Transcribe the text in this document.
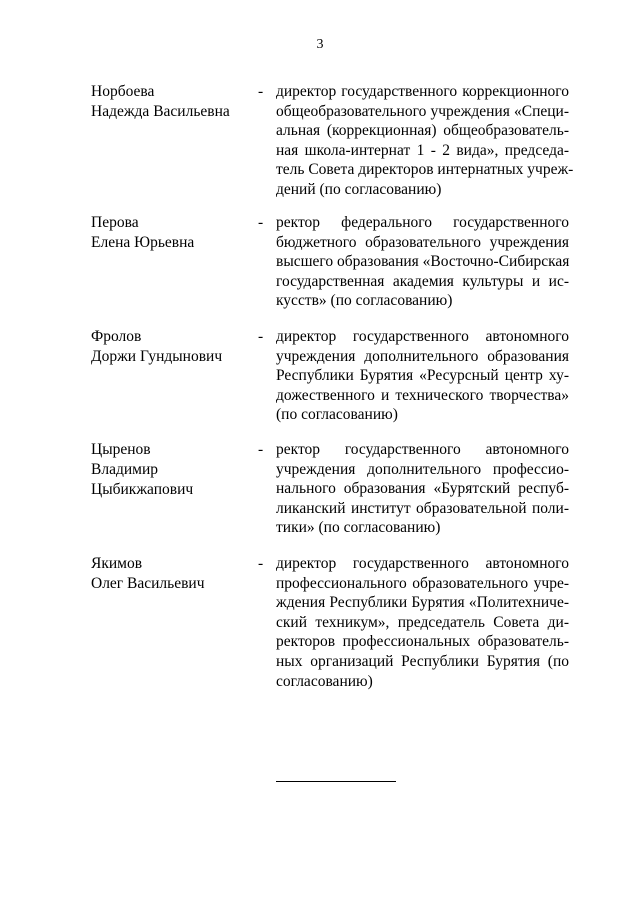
3
Норбоева
Надежда Васильевна
- директор государственного коррекционного
общеобразовательного учреждения «Специ-
альная (коррекционная) общеобразователь-
ная школа-интернат 1 - 2 вида», председа-
тель Совета директоров интернатных учреж-
дений (по согласованию)
Перова
Елена Юрьевна
- ректор федерального государственного
бюджетного образовательного учреждения
высшего образования «Восточно-Сибирская
государственная академия культуры и ис-
кусств» (по согласованию)
Фролов
Доржи Гундынович
- директор государственного автономного
учреждения дополнительного образования
Республики Бурятия «Ресурсный центр ху-
дожественного и технического творчества»
(по согласованию)
Цыренов
Владимир
Цыбикжапович
- ректор государственного автономного
учреждения дополнительного профессио-
нального образования «Бурятский респуб-
ликанский институт образовательной поли-
тики» (по согласованию)
Якимов
Олег Васильевич
- директор государственного автономного
профессионального образовательного учре-
ждения Республики Бурятия «Политехниче-
ский техникум», председатель Совета ди-
ректоров профессиональных образователь-
ных организаций Республики Бурятия (по
согласованию)
